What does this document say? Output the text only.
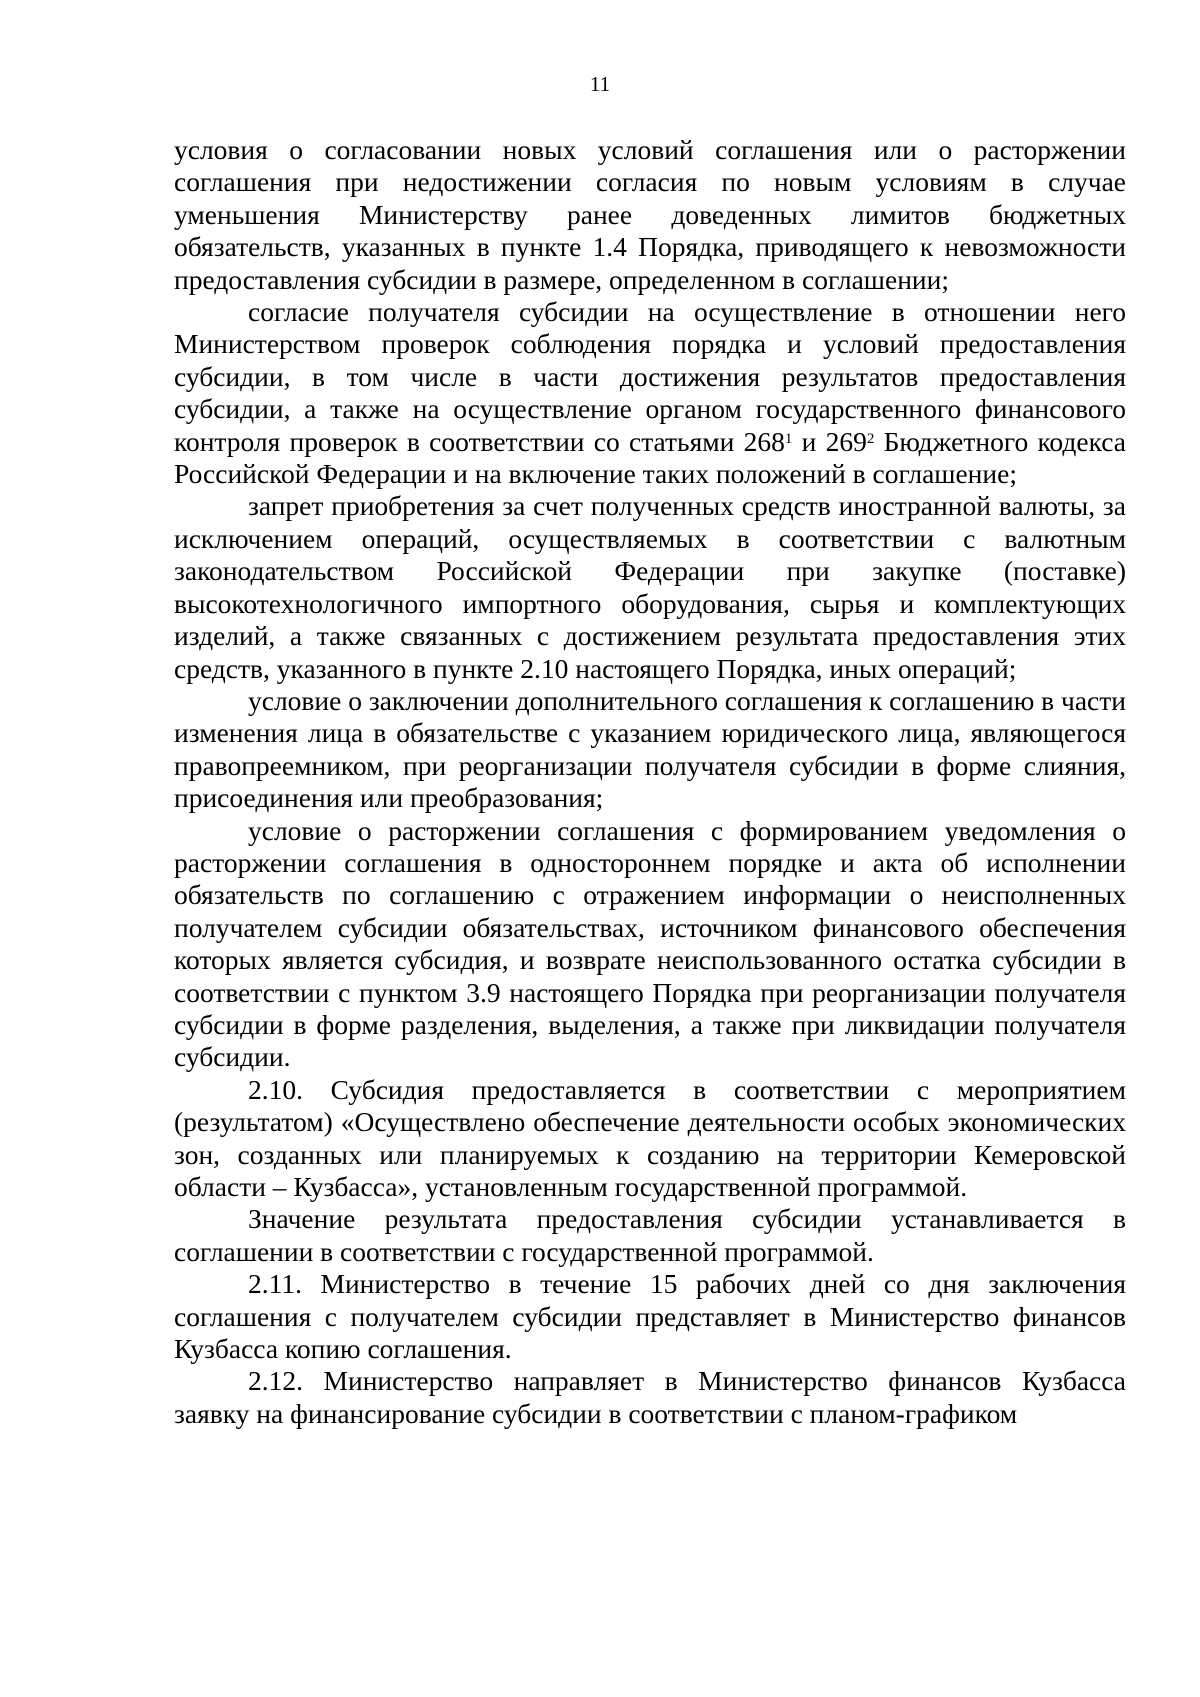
11

условия о согласовании новых условий соглашения или о расторжении соглашения при недостижении согласия по новым условиям в случае уменьшения Министерству ранее доведенных лимитов бюджетных обязательств, указанных в пункте 1.4 Порядка, приводящего к невозможности предоставления субсидии в размере, определенном в соглашении;

согласие получателя субсидии на осуществление в отношении него Министерством проверок соблюдения порядка и условий предоставления субсидии, в том числе в части достижения результатов предоставления субсидии, а также на осуществление органом государственного финансового контроля проверок в соответствии со статьями $268^1$ и $269^2$ Бюджетного кодекса Российской Федерации и на включение таких положений в соглашение;

запрет приобретения за счет полученных средств иностранной валюты, за исключением операций, осуществляемых в соответствии с валютным законодательством Российской Федерации при закупке (поставке) высокотехнологичного импортного оборудования, сырья и комплектующих изделий, а также связанных с достижением результата предоставления этих средств, указанного в пункте 2.10 настоящего Порядка, иных операций;

условие о заключении дополнительного соглашения к соглашению в части изменения лица в обязательстве с указанием юридического лица, являющегося правопреемником, при реорганизации получателя субсидии в форме слияния, присоединения или преобразования;

условие о расторжении соглашения с формированием уведомления о расторжении соглашения в одностороннем порядке и акта об исполнении обязательств по соглашению с отражением информации о неисполненных получателем субсидии обязательствах, источником финансового обеспечения которых является субсидия, и возврате неиспользованного остатка субсидии в соответствии с пунктом 3.9 настоящего Порядка при реорганизации получателя субсидии в форме разделения, выделения, а также при ликвидации получателя субсидии.

2.10. Субсидия предоставляется в соответствии с мероприятием (результатом) «Осуществлено обеспечение деятельности особых экономических зон, созданных или планируемых к созданию на территории Кемеровской области – Кузбасса», установленным государственной программой.

Значение результата предоставления субсидии устанавливается в соглашении в соответствии с государственной программой.

2.11. Министерство в течение 15 рабочих дней со дня заключения соглашения с получателем субсидии представляет в Министерство финансов Кузбасса копию соглашения.

2.12. Министерство направляет в Министерство финансов Кузбасса заявку на финансирование субсидии в соответствии с планом-графиком
